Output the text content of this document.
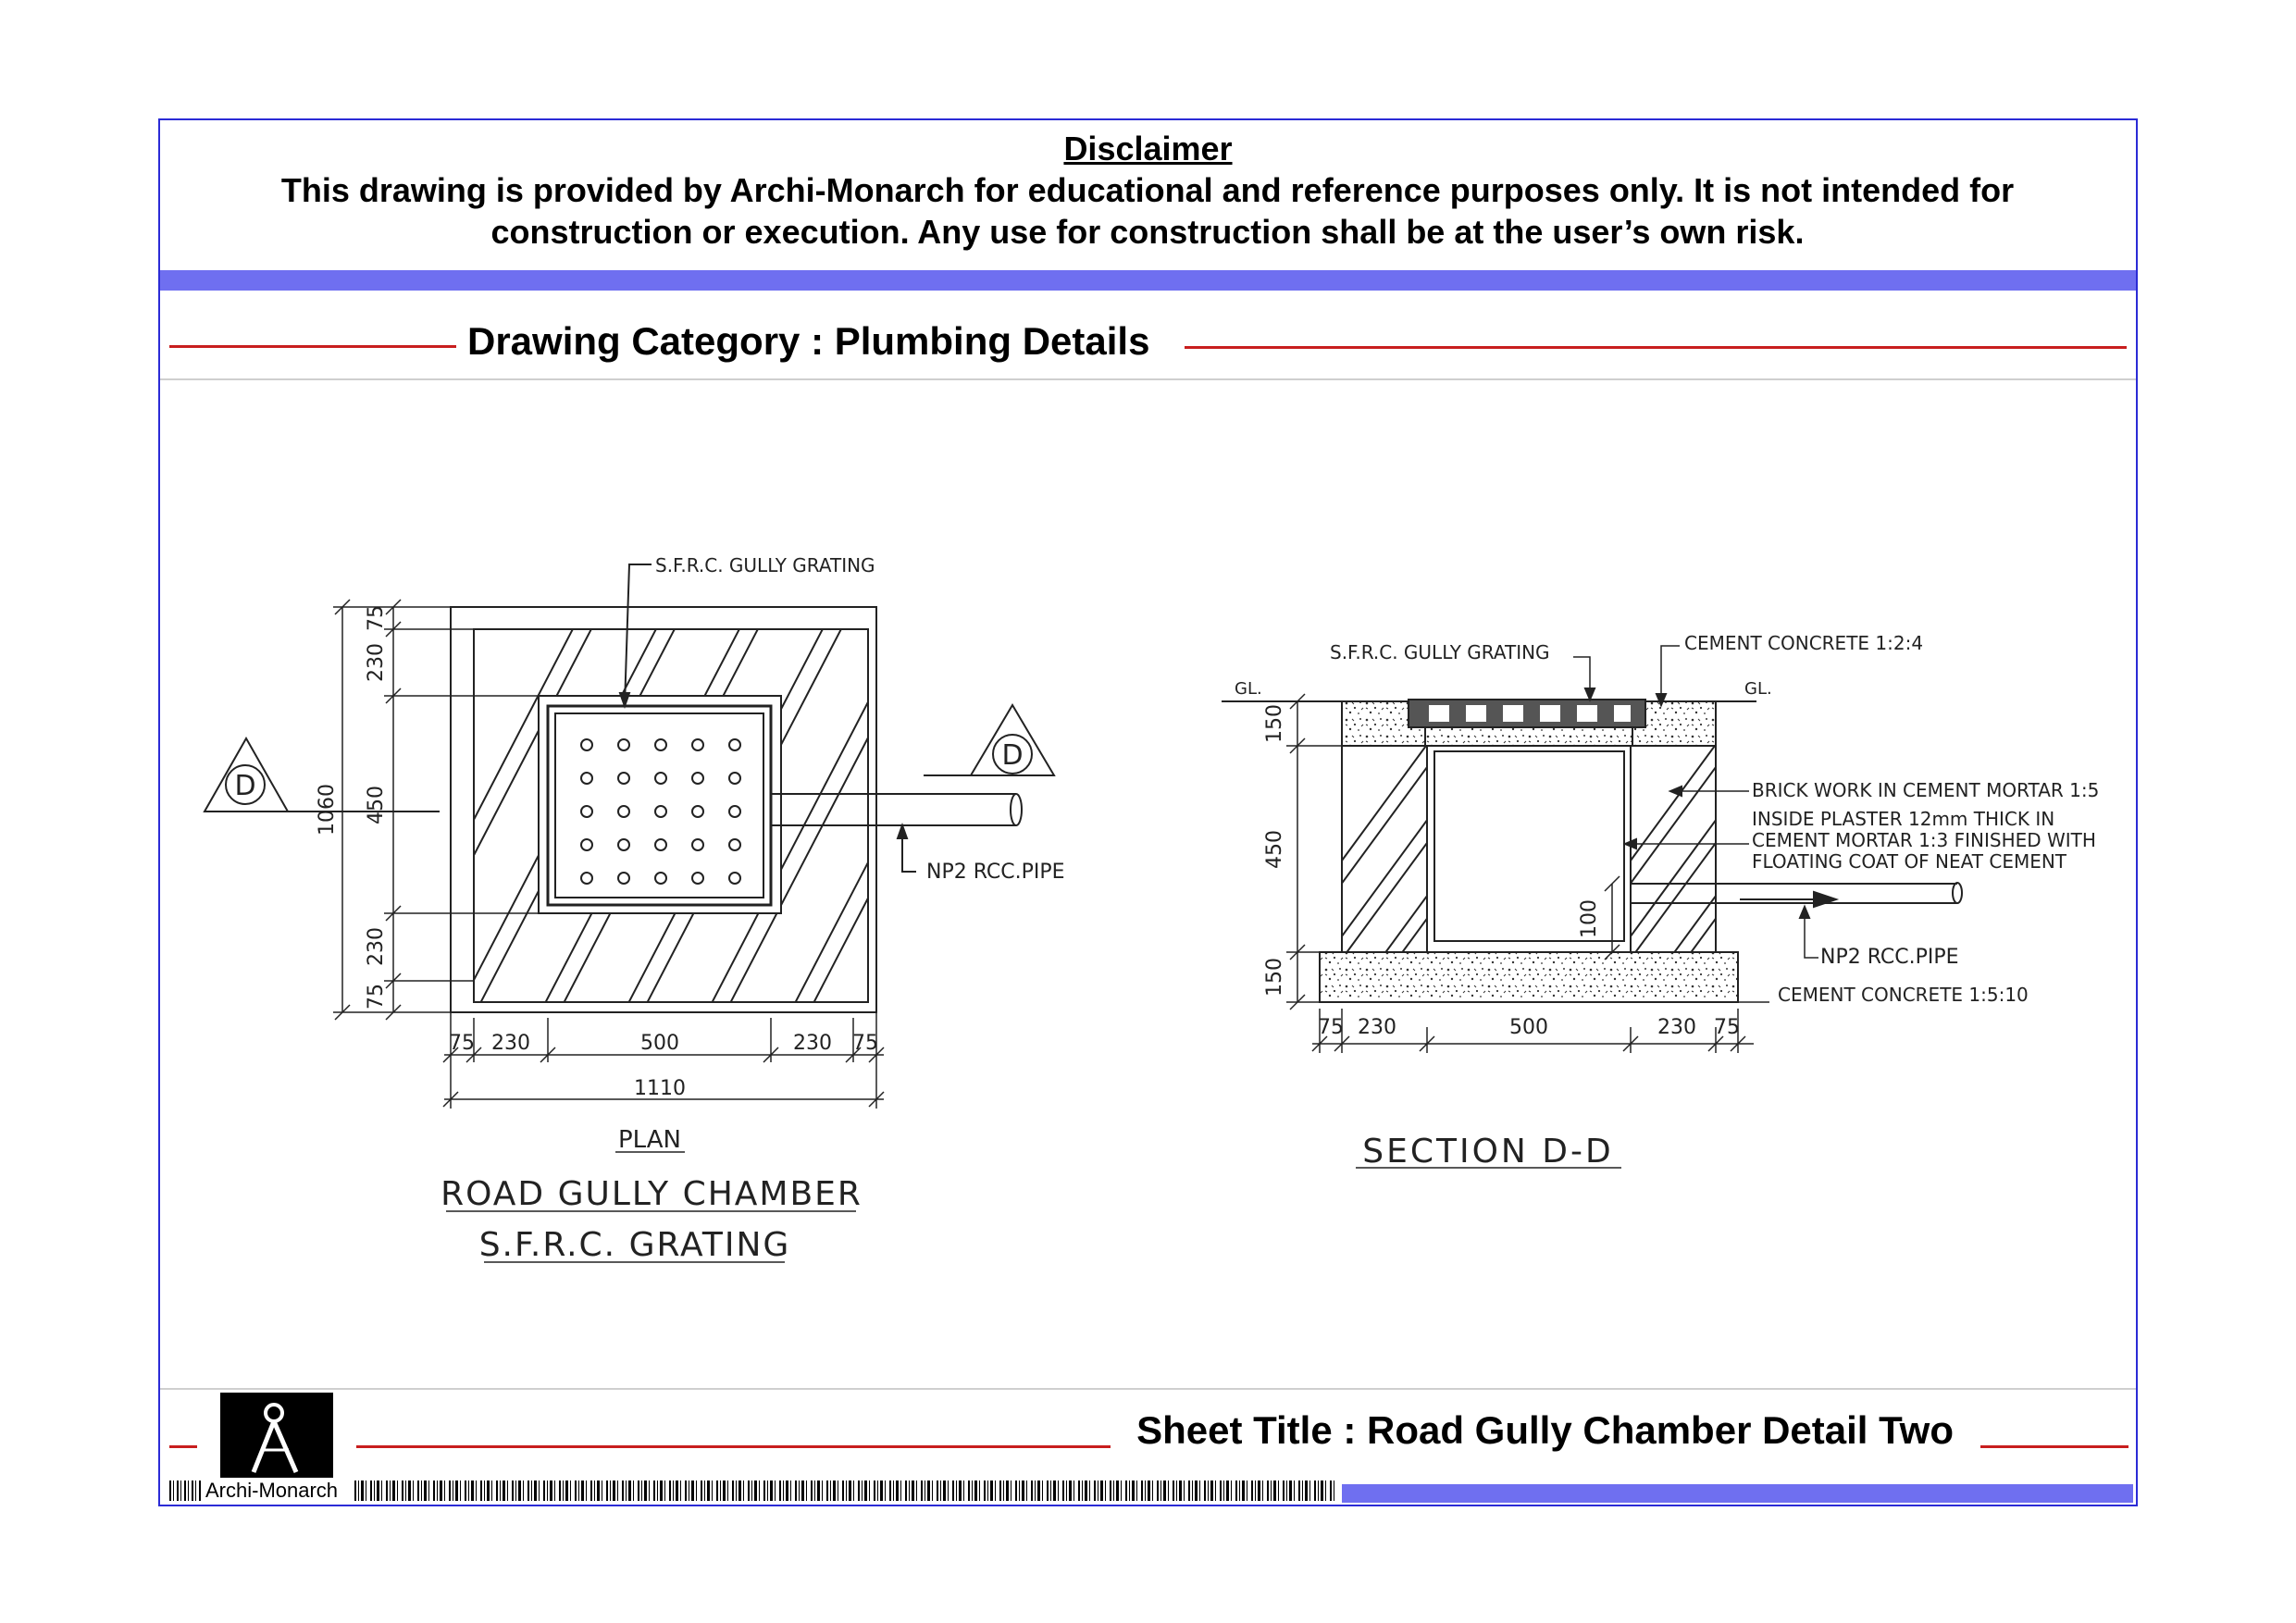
Disclaimer
This drawing is provided by Archi-Monarch for educational and reference purposes only. It is not intended for
construction or execution. Any use for construction shall be at the user’s own risk.
Drawing Category : Plumbing Details
Sheet Title : Road Gully Chamber Detail Two
Archi-Monarch
S.F.R.C. GULLY GRATING
NP2 RCC.PIPE
D
D
1060
75
230
450
230
75
75 230	500	230 75
1110
PLAN
ROAD GULLY CHAMBER
S.F.R.C. GRATING
S.F.R.C. GULLY GRATING	CEMENT CONCRETE 1:2:4
GL.	GL.
BRICK WORK IN CEMENT MORTAR 1:5
INSIDE PLASTER 12mm THICK IN
CEMENT MORTAR 1:3 FINISHED WITH
FLOATING COAT OF NEAT CEMENT
NP2 RCC.PIPE
CEMENT CONCRETE 1:5:10
150
450
150
100
75 230	500	230 75
SECTION D-D
